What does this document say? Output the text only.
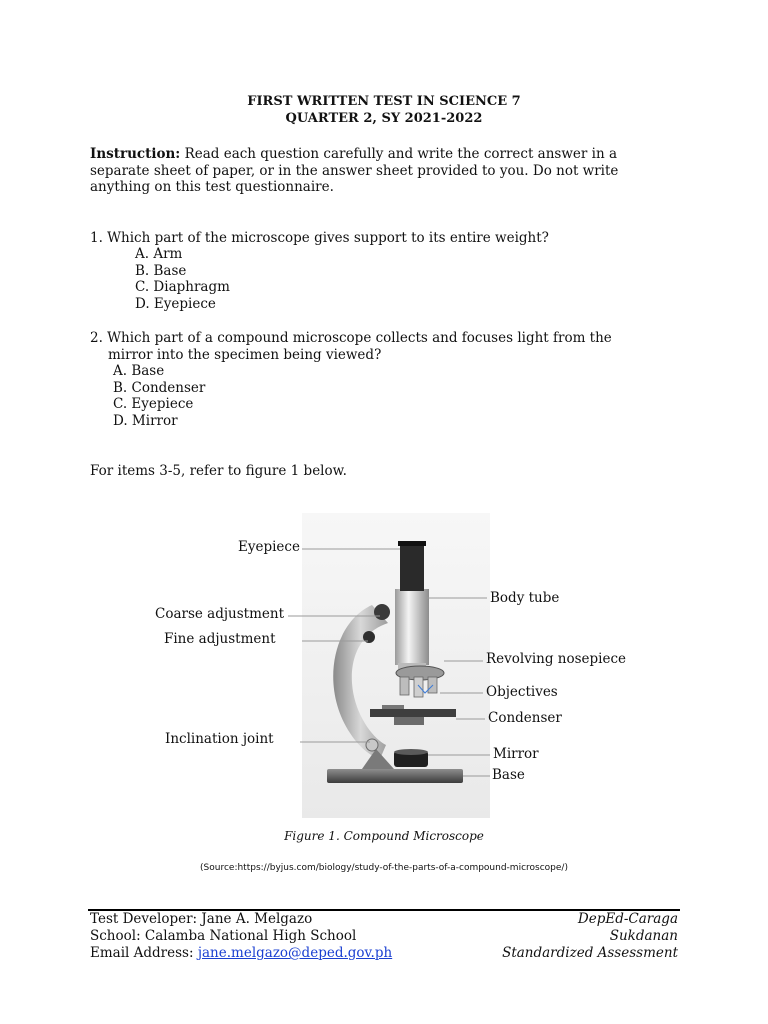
FIRST WRITTEN TEST IN SCIENCE 7
QUARTER 2, SY 2021-2022
Instruction: Read each question carefully and write the correct answer in a separate sheet of paper, or in the answer sheet provided to you. Do not write anything on this test questionnaire.
1. Which part of the microscope gives support to its entire weight?
A. Arm
B. Base
C. Diaphragm
D. Eyepiece
2. Which part of a compound microscope collects and focuses light from the
mirror into the specimen being viewed?
A. Base
B. Condenser
C. Eyepiece
D. Mirror
For items 3-5, refer to figure 1 below.
Eyepiece
Coarse adjustment
Fine adjustment
Inclination joint
Body tube
Revolving nosepiece
Objectives
Condenser
Mirror
Base
Figure 1. Compound Microscope
(Source:https://byjus.com/biology/study-of-the-parts-of-a-compound-microscope/)
Test Developer: Jane A. Melgazo
School: Calamba National High School
Email Address: jane.melgazo@deped.gov.ph
DepEd-Caraga
Sukdanan
Standardized Assessment
